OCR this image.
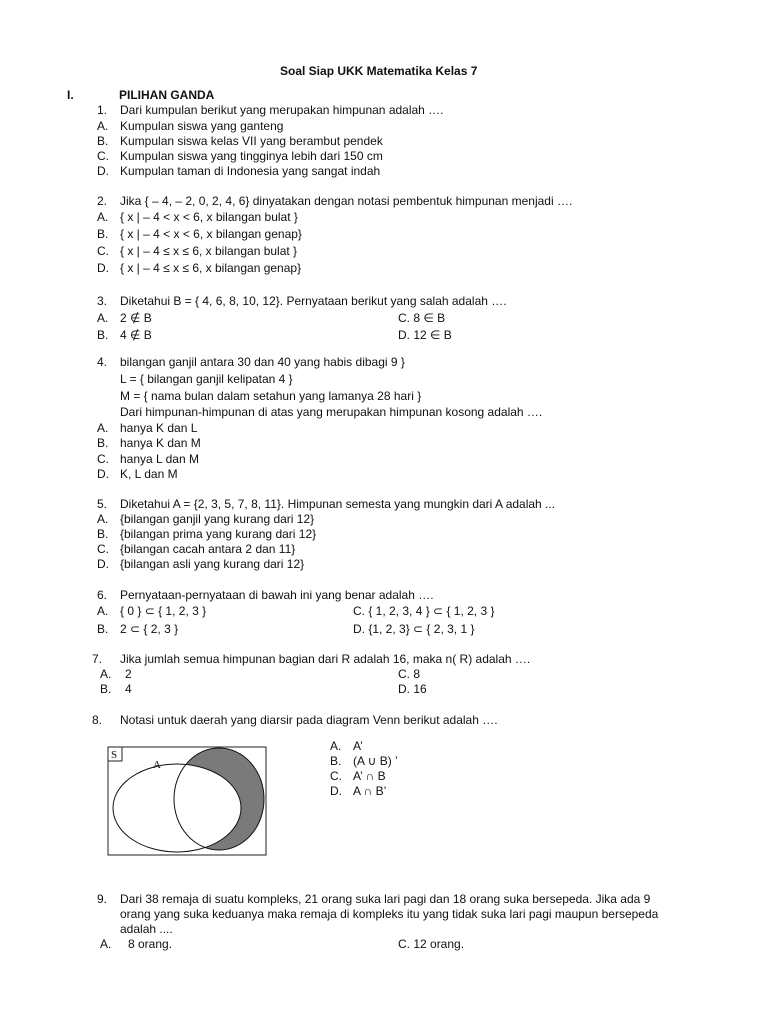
Soal Siap UKK Matematika Kelas 7
I.	PILIHAN GANDA
1. Dari kumpulan berikut yang merupakan himpunan adalah ….
A. Kumpulan siswa yang ganteng
B. Kumpulan siswa kelas VII yang berambut pendek
C. Kumpulan siswa yang tingginya lebih dari 150 cm
D. Kumpulan taman di Indonesia yang sangat indah
2. Jika { – 4, – 2, 0, 2, 4, 6} dinyatakan dengan notasi pembentuk himpunan menjadi ….
A. { x | – 4 < x < 6, x bilangan bulat }
B. { x | – 4 < x < 6, x bilangan genap}
C. { x | – 4 ≤ x ≤ 6, x bilangan bulat }
D. { x | – 4 ≤ x ≤ 6, x bilangan genap}
3. Diketahui B = { 4, 6, 8, 10, 12}. Pernyataan berikut yang salah adalah ….
A. 2 ∉ B	C. 8 ∈ B
B. 4 ∉ B	D. 12 ∈ B
4. bilangan ganjil antara 30 dan 40 yang habis dibagi 9 }
L = { bilangan ganjil kelipatan 4 }
M = { nama bulan dalam setahun yang lamanya 28 hari }
Dari himpunan-himpunan di atas yang merupakan himpunan kosong adalah ….
A. hanya K dan L
B. hanya K dan M
C. hanya L dan M
D. K, L dan M
5. Diketahui A = {2, 3, 5, 7, 8, 11}. Himpunan semesta yang mungkin dari A adalah ...
A. {bilangan ganjil yang kurang dari 12}
B. {bilangan prima yang kurang dari 12}
C. {bilangan cacah antara 2 dan 11}
D. {bilangan asli yang kurang dari 12}
6. Pernyataan-pernyataan di bawah ini yang benar adalah ….
A. { 0 } ⊂ { 1, 2, 3 }	C. { 1, 2, 3, 4 } ⊂ { 1, 2, 3 }
B. 2 ⊂ { 2, 3 }	D. {1, 2, 3} ⊂ { 2, 3, 1 }
7. Jika jumlah semua himpunan bagian dari R adalah 16, maka n( R) adalah ….
A. 2	C. 8
B. 4	D. 16
8. Notasi untuk daerah yang diarsir pada diagram Venn berikut adalah ….
S
A
A. A’
B. (A ∪ B) ’
C. A’ ∩ B
D. A ∩ B’
9. Dari 38 remaja di suatu kompleks, 21 orang suka lari pagi dan 18 orang suka bersepeda. Jika ada 9
orang yang suka keduanya maka remaja di kompleks itu yang tidak suka lari pagi maupun bersepeda
adalah ....
A. 8 orang.	C. 12 orang.
